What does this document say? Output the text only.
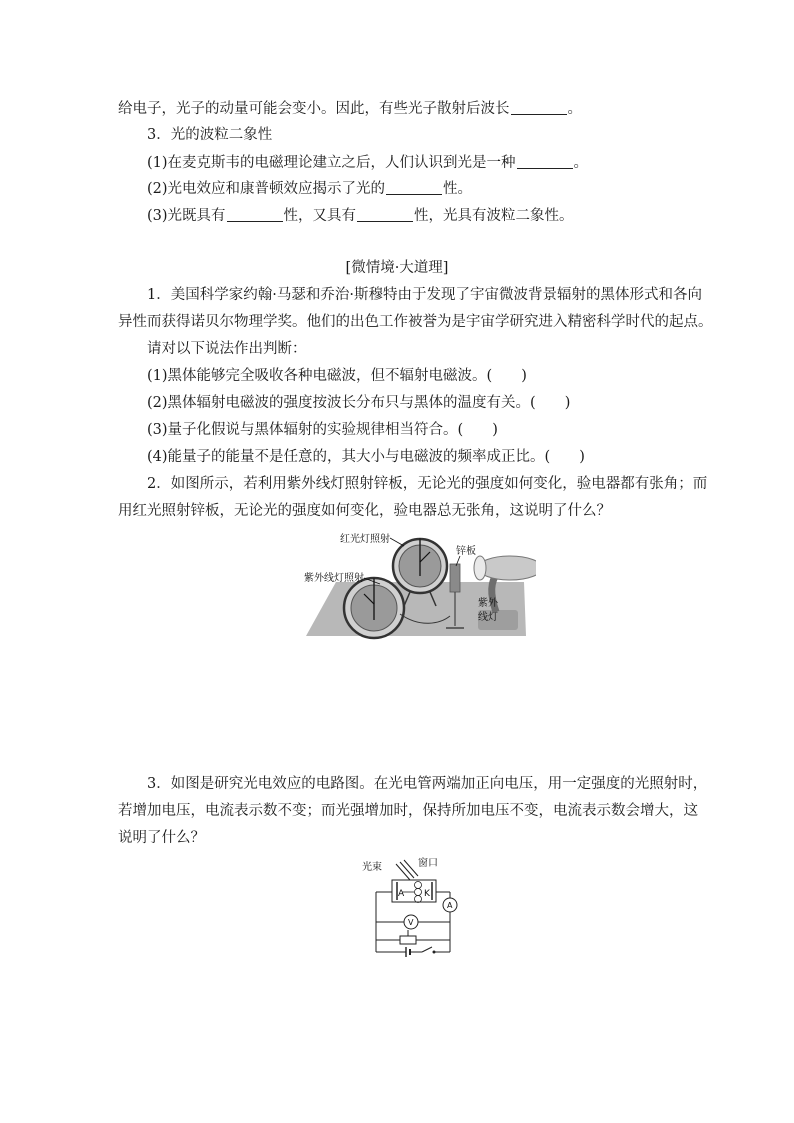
给电子，光子的动量可能会变小。因此，有些光子散射后波长	。
3．光的波粒二象性
(1)在麦克斯韦的电磁理论建立之后，人们认识到光是一种	。
(2)光电效应和康普顿效应揭示了光的	性。
(3)光既具有	性，又具有	性，光具有波粒二象性。
[微情境·大道理]
1．美国科学家约翰·马瑟和乔治·斯穆特由于发现了宇宙微波背景辐射的黑体形式和各向
异性而获得诺贝尔物理学奖。他们的出色工作被誉为是宇宙学研究进入精密科学时代的起点。
请对以下说法作出判断：
(1)黑体能够完全吸收各种电磁波，但不辐射电磁波。(　　)
(2)黑体辐射电磁波的强度按波长分布只与黑体的温度有关。(　　)
(3)量子化假说与黑体辐射的实验规律相当符合。(　　)
(4)能量子的能量不是任意的，其大小与电磁波的频率成正比。(　　)
2．如图所示，若利用紫外线灯照射锌板，无论光的强度如何变化，验电器都有张角；而
用红光照射锌板，无论光的强度如何变化，验电器总无张角，这说明了什么？
红光灯照射
紫外线灯照射
锌板
紫外
线灯
3．如图是研究光电效应的电路图。在光电管两端加正向电压，用一定强度的光照射时，
若增加电压，电流表示数不变；而光强增加时，保持所加电压不变，电流表示数会增大，这
说明了什么？
光束	窗口
A K
V
A
